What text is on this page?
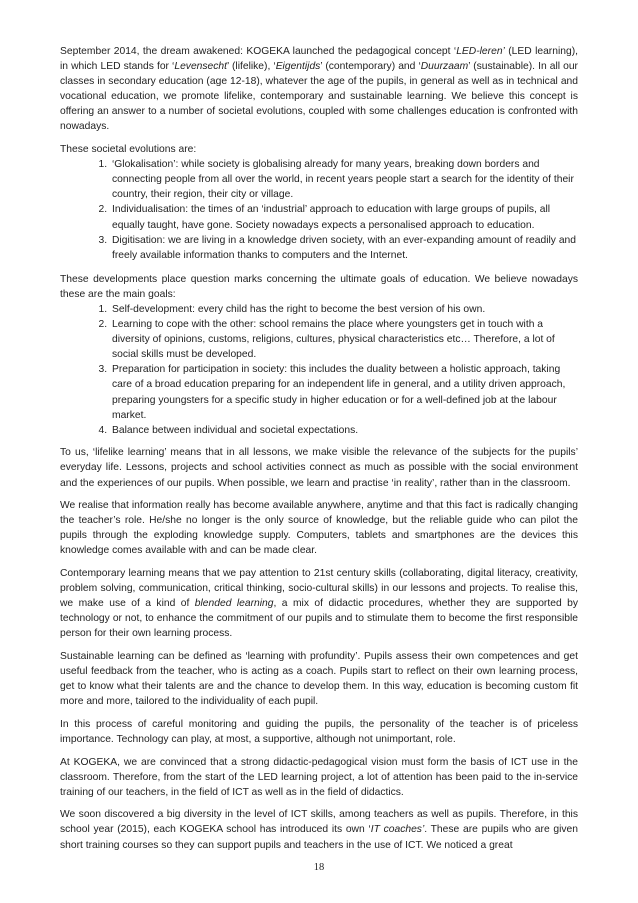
September 2014, the dream awakened: KOGEKA launched the pedagogical concept ‘LED-leren’ (LED learning), in which LED stands for ‘Levensecht’ (lifelike), ‘Eigentijds’ (contemporary) and ‘Duurzaam’ (sustainable). In all our classes in secondary education (age 12-18), whatever the age of the pupils, in general as well as in technical and vocational education, we promote lifelike, contemporary and sustainable learning. We believe this concept is offering an answer to a number of societal evolutions, coupled with some challenges education is confronted with nowadays.

These societal evolutions are:

1. ‘Glokalisation’: while society is globalising already for many years, breaking down borders and connecting people from all over the world, in recent years people start a search for the identity of their country, their region, their city or village.
2. Individualisation: the times of an ‘industrial’ approach to education with large groups of pupils, all equally taught, have gone. Society nowadays expects a personalised approach to education.
3. Digitisation: we are living in a knowledge driven society, with an ever-expanding amount of readily and freely available information thanks to computers and the Internet.

These developments place question marks concerning the ultimate goals of education. We believe nowadays these are the main goals:

1. Self-development: every child has the right to become the best version of his own.
2. Learning to cope with the other: school remains the place where youngsters get in touch with a diversity of opinions, customs, religions, cultures, physical characteristics etc… Therefore, a lot of social skills must be developed.
3. Preparation for participation in society: this includes the duality between a holistic approach, taking care of a broad education preparing for an independent life in general, and a utility driven approach, preparing youngsters for a specific study in higher education or for a well-defined job at the labour market.
4. Balance between individual and societal expectations.

To us, ‘lifelike learning’ means that in all lessons, we make visible the relevance of the subjects for the pupils’ everyday life. Lessons, projects and school activities connect as much as possible with the social environment and the experiences of our pupils. When possible, we learn and practise ‘in reality’, rather than in the classroom.

We realise that information really has become available anywhere, anytime and that this fact is radically changing the teacher’s role. He/she no longer is the only source of knowledge, but the reliable guide who can pilot the pupils through the exploding knowledge supply. Computers, tablets and smartphones are the devices this knowledge comes available with and can be made clear.

Contemporary learning means that we pay attention to 21st century skills (collaborating, digital literacy, creativity, problem solving, communication, critical thinking, socio-cultural skills) in our lessons and projects. To realise this, we make use of a kind of blended learning, a mix of didactic procedures, whether they are supported by technology or not, to enhance the commitment of our pupils and to stimulate them to become the first responsible person for their own learning process.

Sustainable learning can be defined as ‘learning with profundity’. Pupils assess their own competences and get useful feedback from the teacher, who is acting as a coach. Pupils start to reflect on their own learning process, get to know what their talents are and the chance to develop them. In this way, education is becoming custom fit more and more, tailored to the individuality of each pupil.

In this process of careful monitoring and guiding the pupils, the personality of the teacher is of priceless importance. Technology can play, at most, a supportive, although not unimportant, role.

At KOGEKA, we are convinced that a strong didactic-pedagogical vision must form the basis of ICT use in the classroom. Therefore, from the start of the LED learning project, a lot of attention has been paid to the in-service training of our teachers, in the field of ICT as well as in the field of didactics.

We soon discovered a big diversity in the level of ICT skills, among teachers as well as pupils. Therefore, in this school year (2015), each KOGEKA school has introduced its own ‘IT coaches’. These are pupils who are given short training courses so they can support pupils and teachers in the use of ICT. We noticed a great

18
